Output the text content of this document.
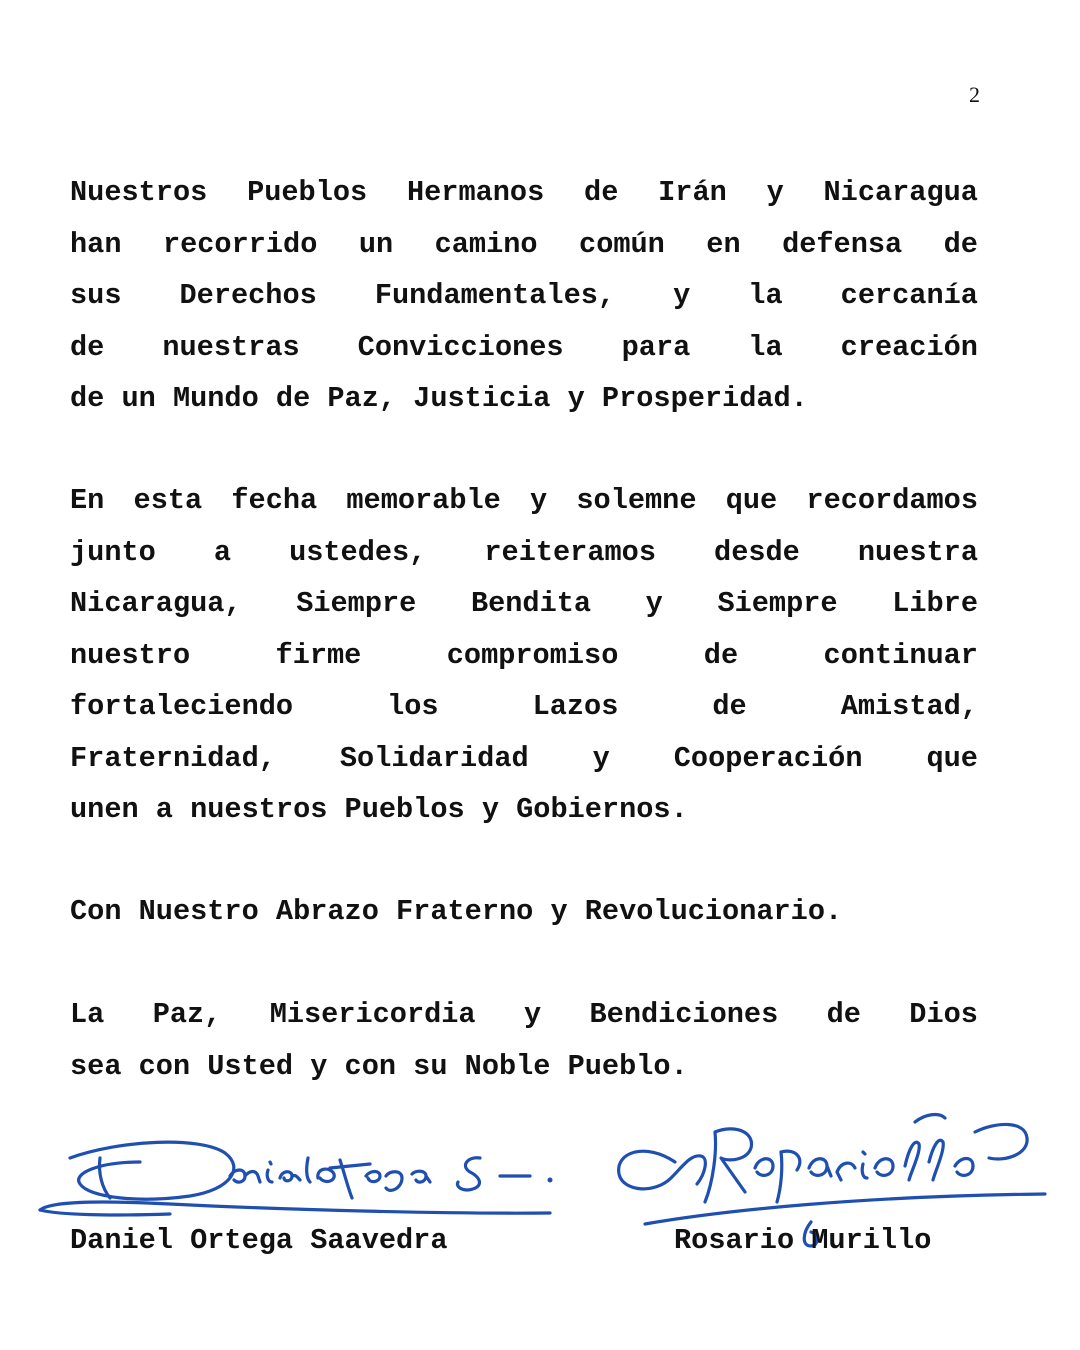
2
Nuestros Pueblos Hermanos de Irán y Nicaragua
han recorrido un camino común en defensa de
sus Derechos Fundamentales, y la cercanía
de nuestras Convicciones para la creación
de un Mundo de Paz, Justicia y Prosperidad.
En esta fecha memorable y solemne que recordamos
junto a ustedes, reiteramos desde nuestra
Nicaragua, Siempre Bendita y Siempre Libre
nuestro	firme	compromiso	de	continuar
fortaleciendo	los	Lazos	de	Amistad,
Fraternidad, Solidaridad y Cooperación que
unen a nuestros Pueblos y Gobiernos.
Con Nuestro Abrazo Fraterno y Revolucionario.
La Paz, Misericordia y Bendiciones de Dios
sea con Usted y con su Noble Pueblo.
Daniel Ortega Saavedra	Rosario Murillo
